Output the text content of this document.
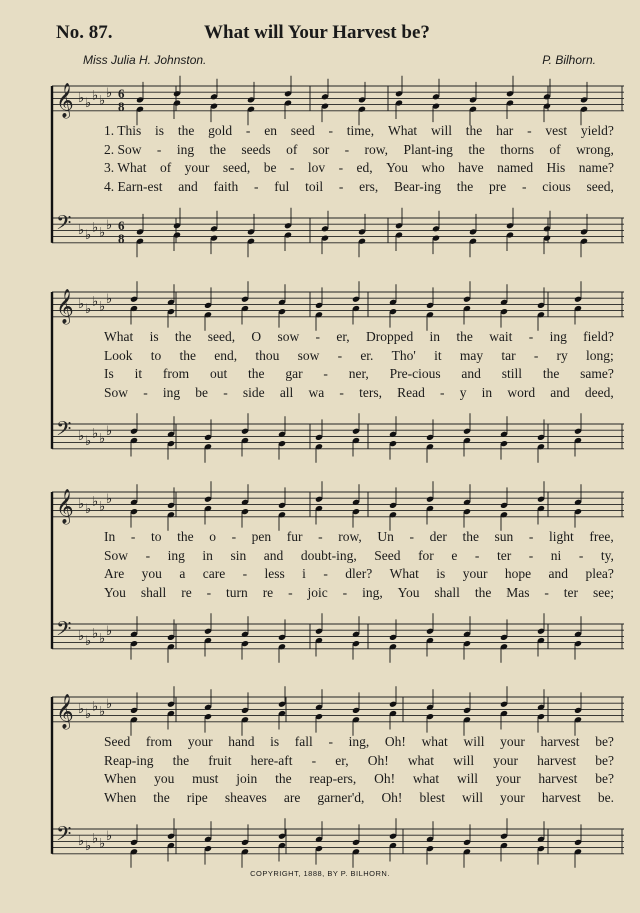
No. 87.	What will Your Harvest be?
Miss Julia H. Johnston.	P. Bilhorn.
𝄞 ♭ ♭ ♭ ♭ ♭ 6
8
𝄢 ♭ ♭ ♭ ♭ ♭ 6
8
𝄞 ♭ ♭ ♭ ♭ ♭
𝄢 ♭ ♭ ♭ ♭ ♭
𝄞 ♭ ♭ ♭ ♭ ♭
𝄢 ♭ ♭ ♭ ♭ ♭
𝄞 ♭ ♭ ♭ ♭ ♭
𝄢 ♭ ♭ ♭ ♭ ♭
COPYRIGHT, 1888, BY P. BILHORN.
1. This is the gold - en seed - time, What will the har - vest yield?
2. Sow - ing the seeds of sor - row, Plant-ing the thorns of wrong,
3. What of your seed, be - lov - ed, You who have named His name?
4. Earn-est and faith - ful toil - ers, Bear-ing the pre - cious seed,
What is the seed, O sow - er, Dropped in the wait - ing field?
Look to the end, thou sow - er. Tho' it may tar - ry long;
Is it from out the gar - ner, Pre-cious and still the same?
Sow - ing be - side all wa - ters, Read - y in word and deed,
In - to the o - pen fur - row, Un - der the sun - light free,
Sow - ing in sin and doubt-ing, Seed for e - ter - ni - ty,
Are you a care - less i - dler? What is your hope and plea?
You shall re - turn re - joic - ing, You shall the Mas - ter see;
Seed from your hand is fall - ing, Oh! what will your harvest be?
Reap-ing the fruit here-aft - er, Oh! what will your harvest be?
When you must join the reap-ers, Oh! what will your harvest be?
When the ripe sheaves are garner'd, Oh! blest will your harvest be.
